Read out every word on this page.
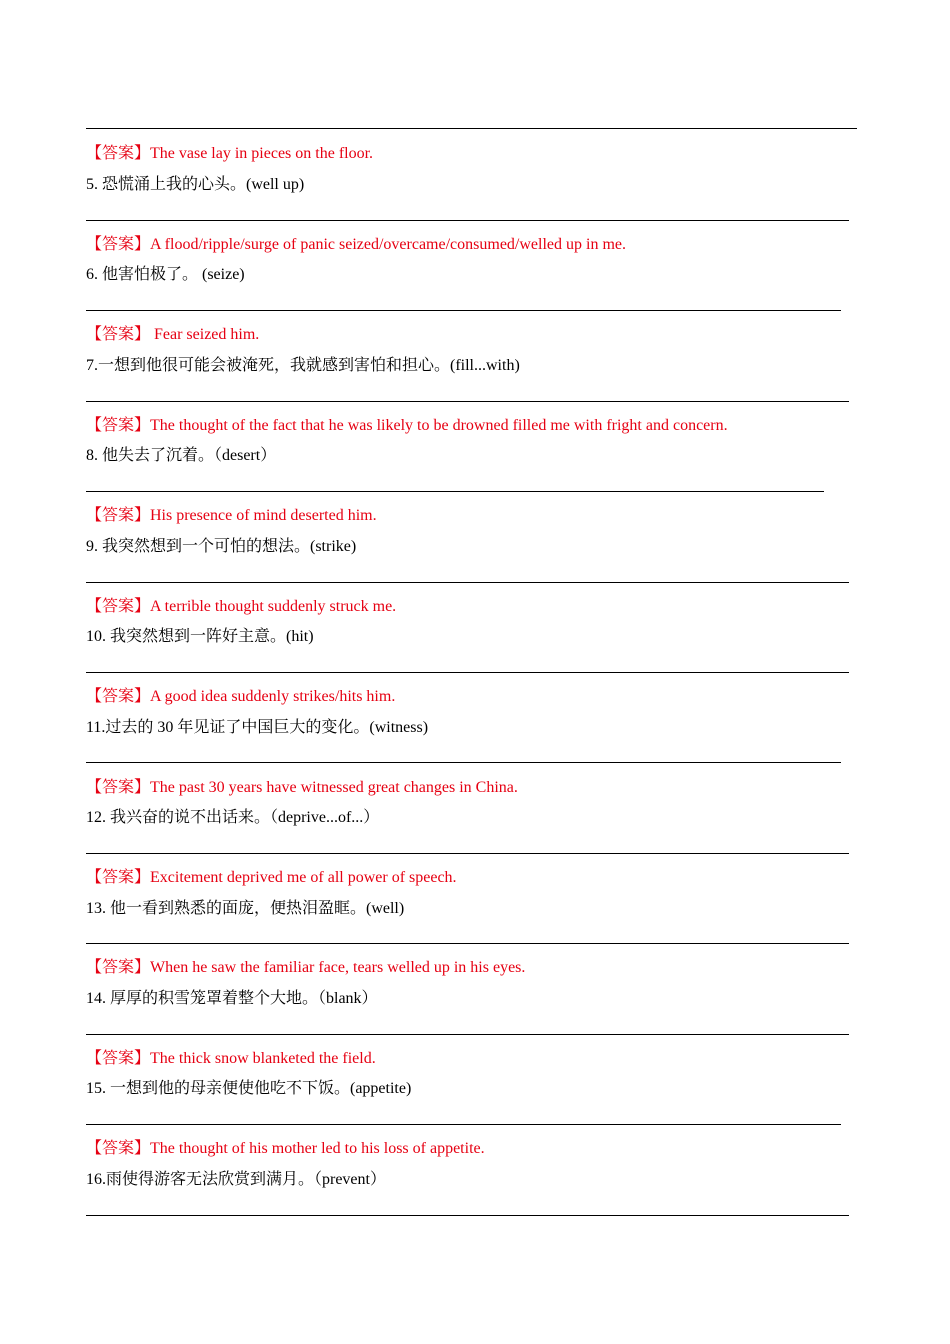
【答案】The vase lay in pieces on the floor.
5. 恐慌涌上我的心头。(well up)
【答案】A flood/ripple/surge of panic seized/overcame/consumed/welled up in me.
6. 他害怕极了。 (seize)
【答案】 Fear seized him.
7.一想到他很可能会被淹死，我就感到害怕和担心。(fill...with)
【答案】The thought of the fact that he was likely to be drowned filled me with fright and concern.
8. 他失去了沉着。（desert）
【答案】His presence of mind deserted him.
9. 我突然想到一个可怕的想法。(strike)
【答案】A terrible thought suddenly struck me.
10. 我突然想到一阵好主意。(hit)
【答案】A good idea suddenly strikes/hits him.
11.过去的 30 年见证了中国巨大的变化。(witness)
【答案】The past 30 years have witnessed great changes in China.
12. 我兴奋的说不出话来。（deprive...of...）
【答案】Excitement deprived me of all power of speech.
13. 他一看到熟悉的面庞，便热泪盈眶。(well)
【答案】When he saw the familiar face, tears welled up in his eyes.
14. 厚厚的积雪笼罩着整个大地。（blank）
【答案】The thick snow blanketed the field.
15. 一想到他的母亲便使他吃不下饭。(appetite)
【答案】The thought of his mother led to his loss of appetite.
16.雨使得游客无法欣赏到满月。（prevent）
